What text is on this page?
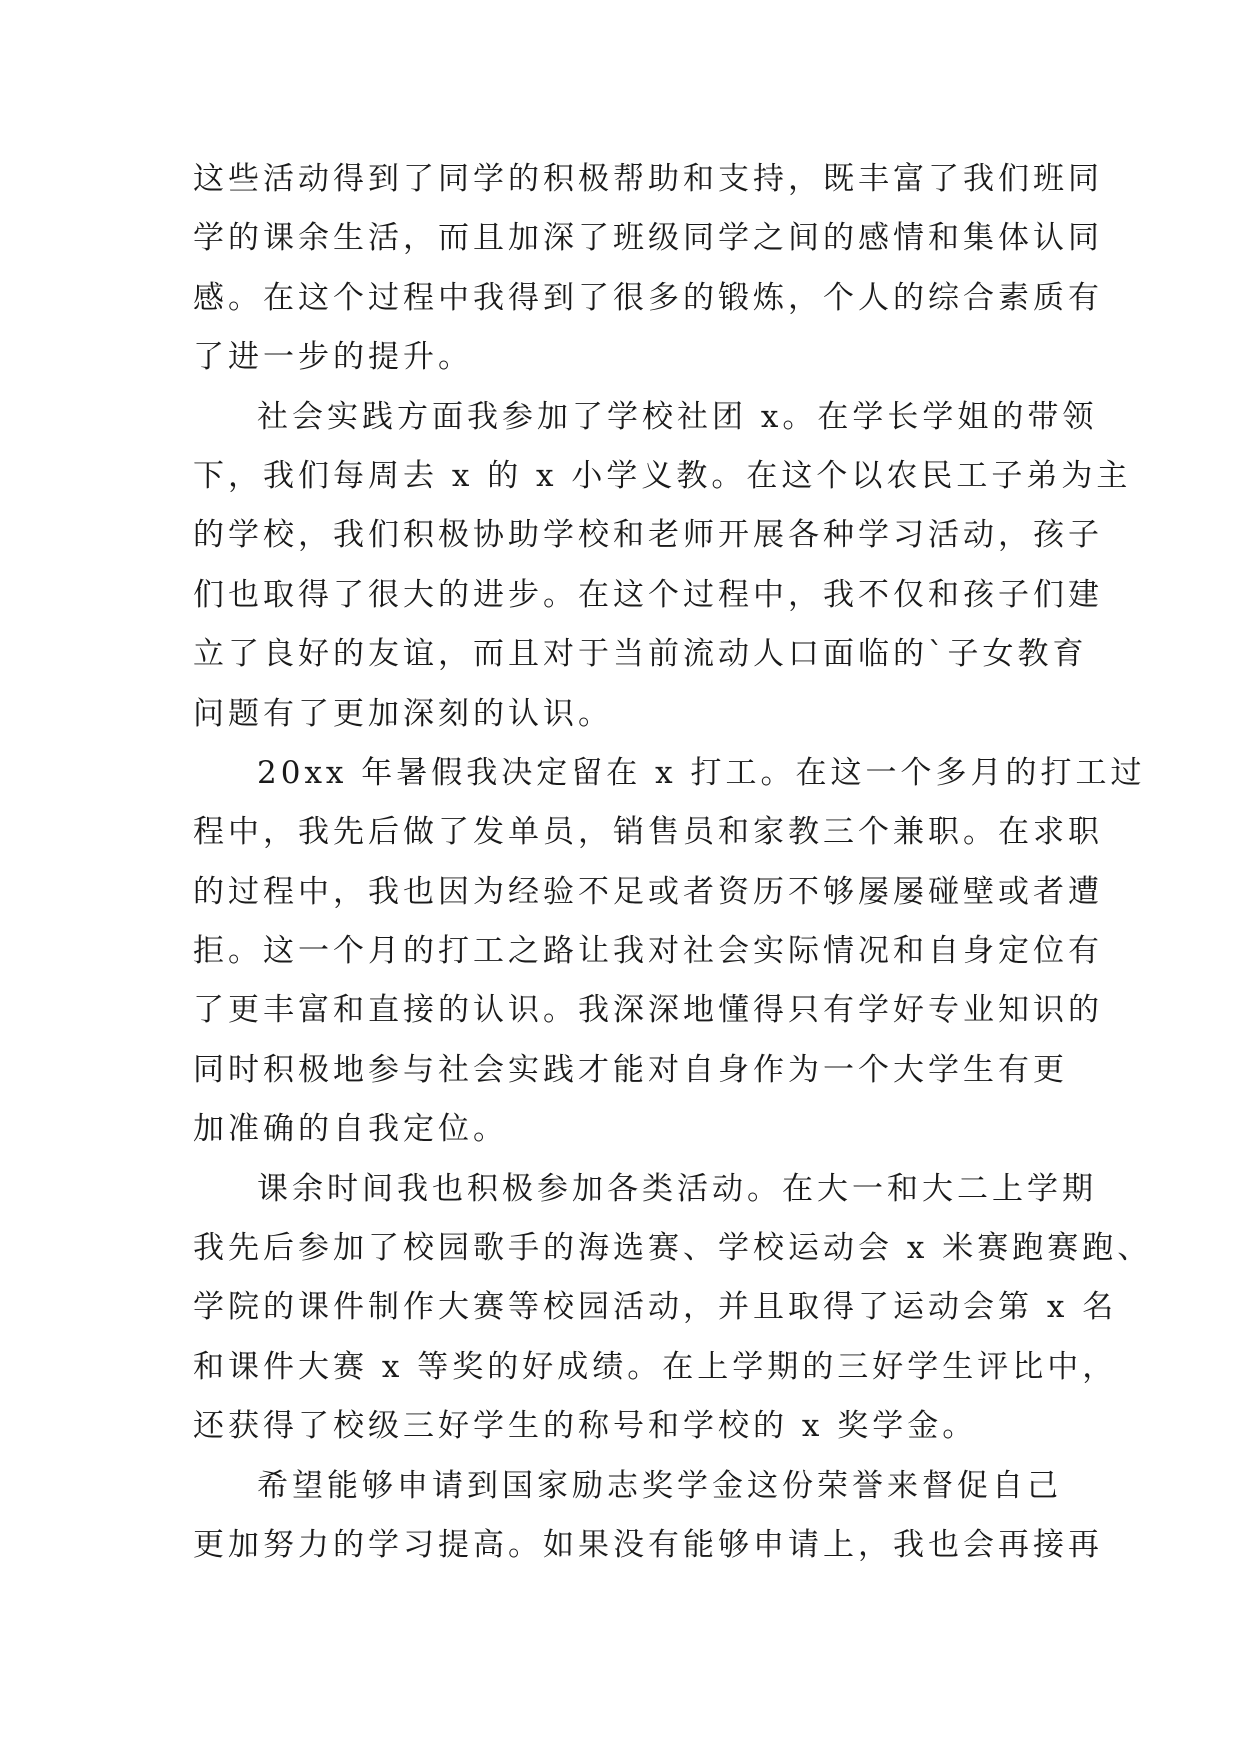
这些活动得到了同学的积极帮助和支持，既丰富了我们班同
学的课余生活，而且加深了班级同学之间的感情和集体认同
感。在这个过程中我得到了很多的锻炼，个人的综合素质有
了进一步的提升。
社会实践方面我参加了学校社团 x。在学长学姐的带领
下，我们每周去 x 的 x 小学义教。在这个以农民工子弟为主
的学校，我们积极协助学校和老师开展各种学习活动，孩子
们也取得了很大的进步。在这个过程中，我不仅和孩子们建
立了良好的友谊，而且对于当前流动人口面临的`子女教育
问题有了更加深刻的认识。
20xx 年暑假我决定留在 x 打工。在这一个多月的打工过
程中，我先后做了发单员，销售员和家教三个兼职。在求职
的过程中，我也因为经验不足或者资历不够屡屡碰壁或者遭
拒。这一个月的打工之路让我对社会实际情况和自身定位有
了更丰富和直接的认识。我深深地懂得只有学好专业知识的
同时积极地参与社会实践才能对自身作为一个大学生有更
加准确的自我定位。
课余时间我也积极参加各类活动。在大一和大二上学期
我先后参加了校园歌手的海选赛、学校运动会 x 米赛跑赛跑、
学院的课件制作大赛等校园活动，并且取得了运动会第 x 名
和课件大赛 x 等奖的好成绩。在上学期的三好学生评比中，
还获得了校级三好学生的称号和学校的 x 奖学金。
希望能够申请到国家励志奖学金这份荣誉来督促自己
更加努力的学习提高。如果没有能够申请上，我也会再接再
